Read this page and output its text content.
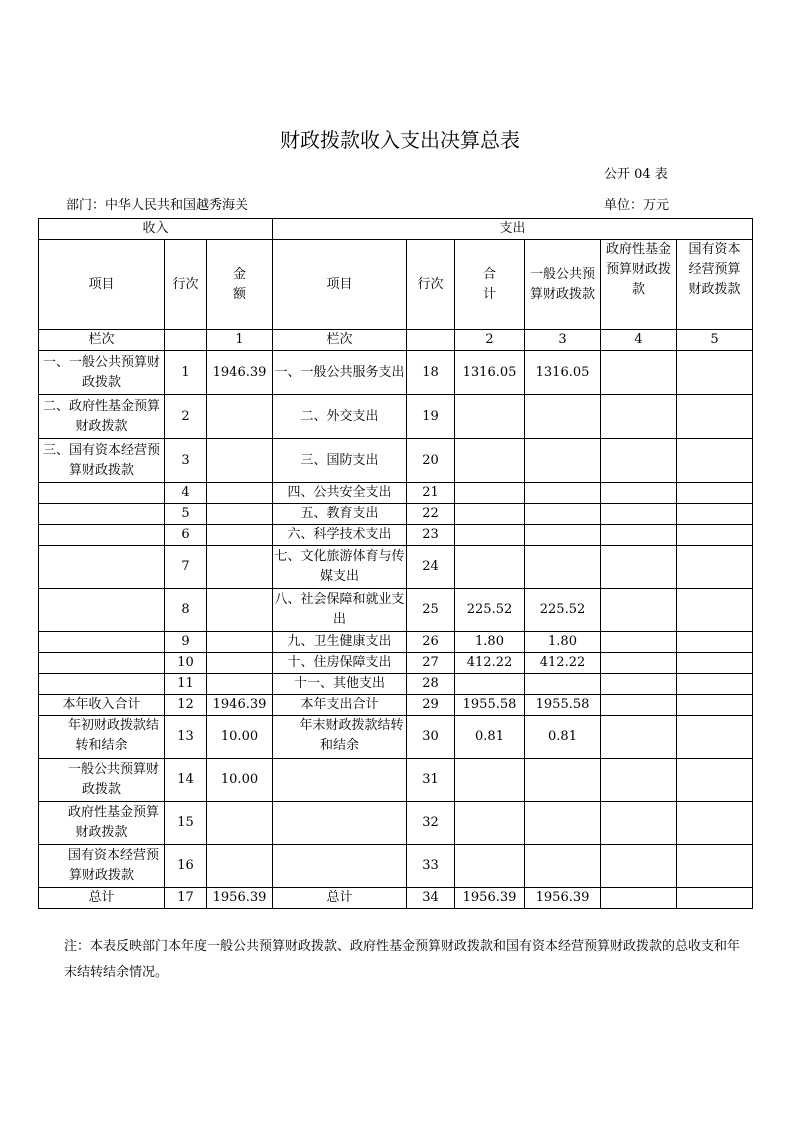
财政拨款收入支出决算总表
公开 04 表
部门：中华人民共和国越秀海关	单位：万元
收入			支出					
项目	行次	金额	项目	行次	合计	一般公共预算财政拨款	政府性基金预算财政拨款	国有资本经营预算财政拨款
栏次		1	栏次		2	3	4	5
一、一般公共预算财政拨款	1	1946.39	一、一般公共服务支出	18	1316.05	1316.05		
二、政府性基金预算财政拨款	2		二、外交支出	19				
三、国有资本经营预算财政拨款	3		三、国防支出	20				
	4		四、公共安全支出	21				
	5		五、教育支出	22				
	6		六、科学技术支出	23				
	7		七、文化旅游体育与传媒支出	24				
	8		八、社会保障和就业支出	25	225.52	225.52		
	9		九、卫生健康支出	26	1.80	1.80		
	10		十、住房保障支出	27	412.22	412.22		
	11		十一、其他支出	28				
本年收入合计	12	1946.39	本年支出合计	29	1955.58	1955.58		
年初财政拨款结转和结余	13	10.00	年末财政拨款结转和结余	30	0.81	0.81		
一般公共预算财政拨款	14	10.00		31				
政府性基金预算财政拨款	15			32				
国有资本经营预算财政拨款	16			33				
总计	17	1956.39	总计	34	1956.39	1956.39		
注：本表反映部门本年度一般公共预算财政拨款、政府性基金预算财政拨款和国有资本经营预算财政拨款的总收支和年末结转结余情况。
